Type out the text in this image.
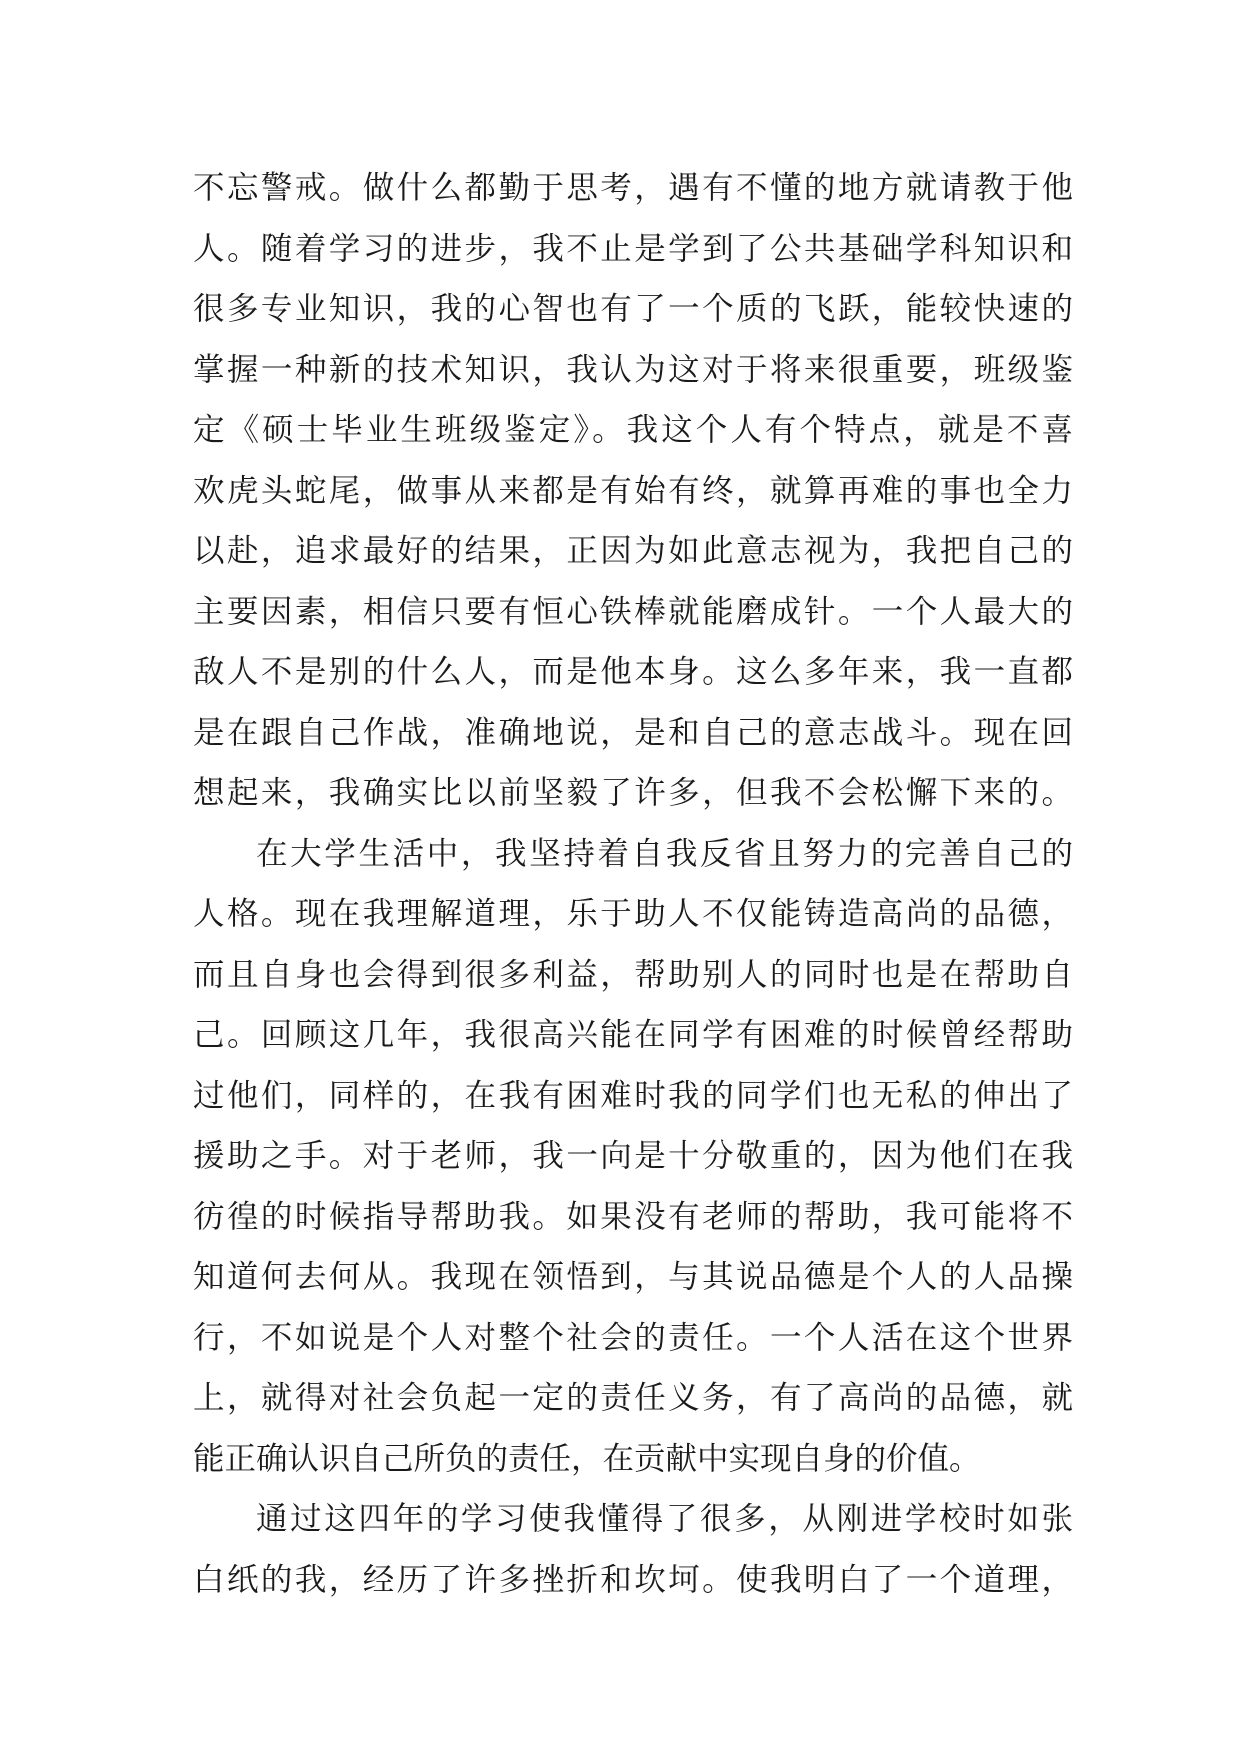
不忘警戒。做什么都勤于思考，遇有不懂的地方就请教于他
人。随着学习的进步，我不止是学到了公共基础学科知识和
很多专业知识，我的心智也有了一个质的飞跃，能较快速的
掌握一种新的技术知识，我认为这对于将来很重要，班级鉴
定《硕士毕业生班级鉴定》。我这个人有个特点，就是不喜
欢虎头蛇尾，做事从来都是有始有终，就算再难的事也全力
以赴，追求最好的结果，正因为如此意志视为，我把自己的
主要因素，相信只要有恒心铁棒就能磨成针。一个人最大的
敌人不是别的什么人，而是他本身。这么多年来，我一直都
是在跟自己作战，准确地说，是和自己的意志战斗。现在回
想起来，我确实比以前坚毅了许多，但我不会松懈下来的。
在大学生活中，我坚持着自我反省且努力的完善自己的
人格。现在我理解道理，乐于助人不仅能铸造高尚的品德，
而且自身也会得到很多利益，帮助别人的同时也是在帮助自
己。回顾这几年，我很高兴能在同学有困难的时候曾经帮助
过他们，同样的，在我有困难时我的同学们也无私的伸出了
援助之手。对于老师，我一向是十分敬重的，因为他们在我
彷徨的时候指导帮助我。如果没有老师的帮助，我可能将不
知道何去何从。我现在领悟到，与其说品德是个人的人品操
行，不如说是个人对整个社会的责任。一个人活在这个世界
上，就得对社会负起一定的责任义务，有了高尚的品德，就
能正确认识自己所负的责任，在贡献中实现自身的价值。
通过这四年的学习使我懂得了很多，从刚进学校时如张
白纸的我，经历了许多挫折和坎坷。使我明白了一个道理，
